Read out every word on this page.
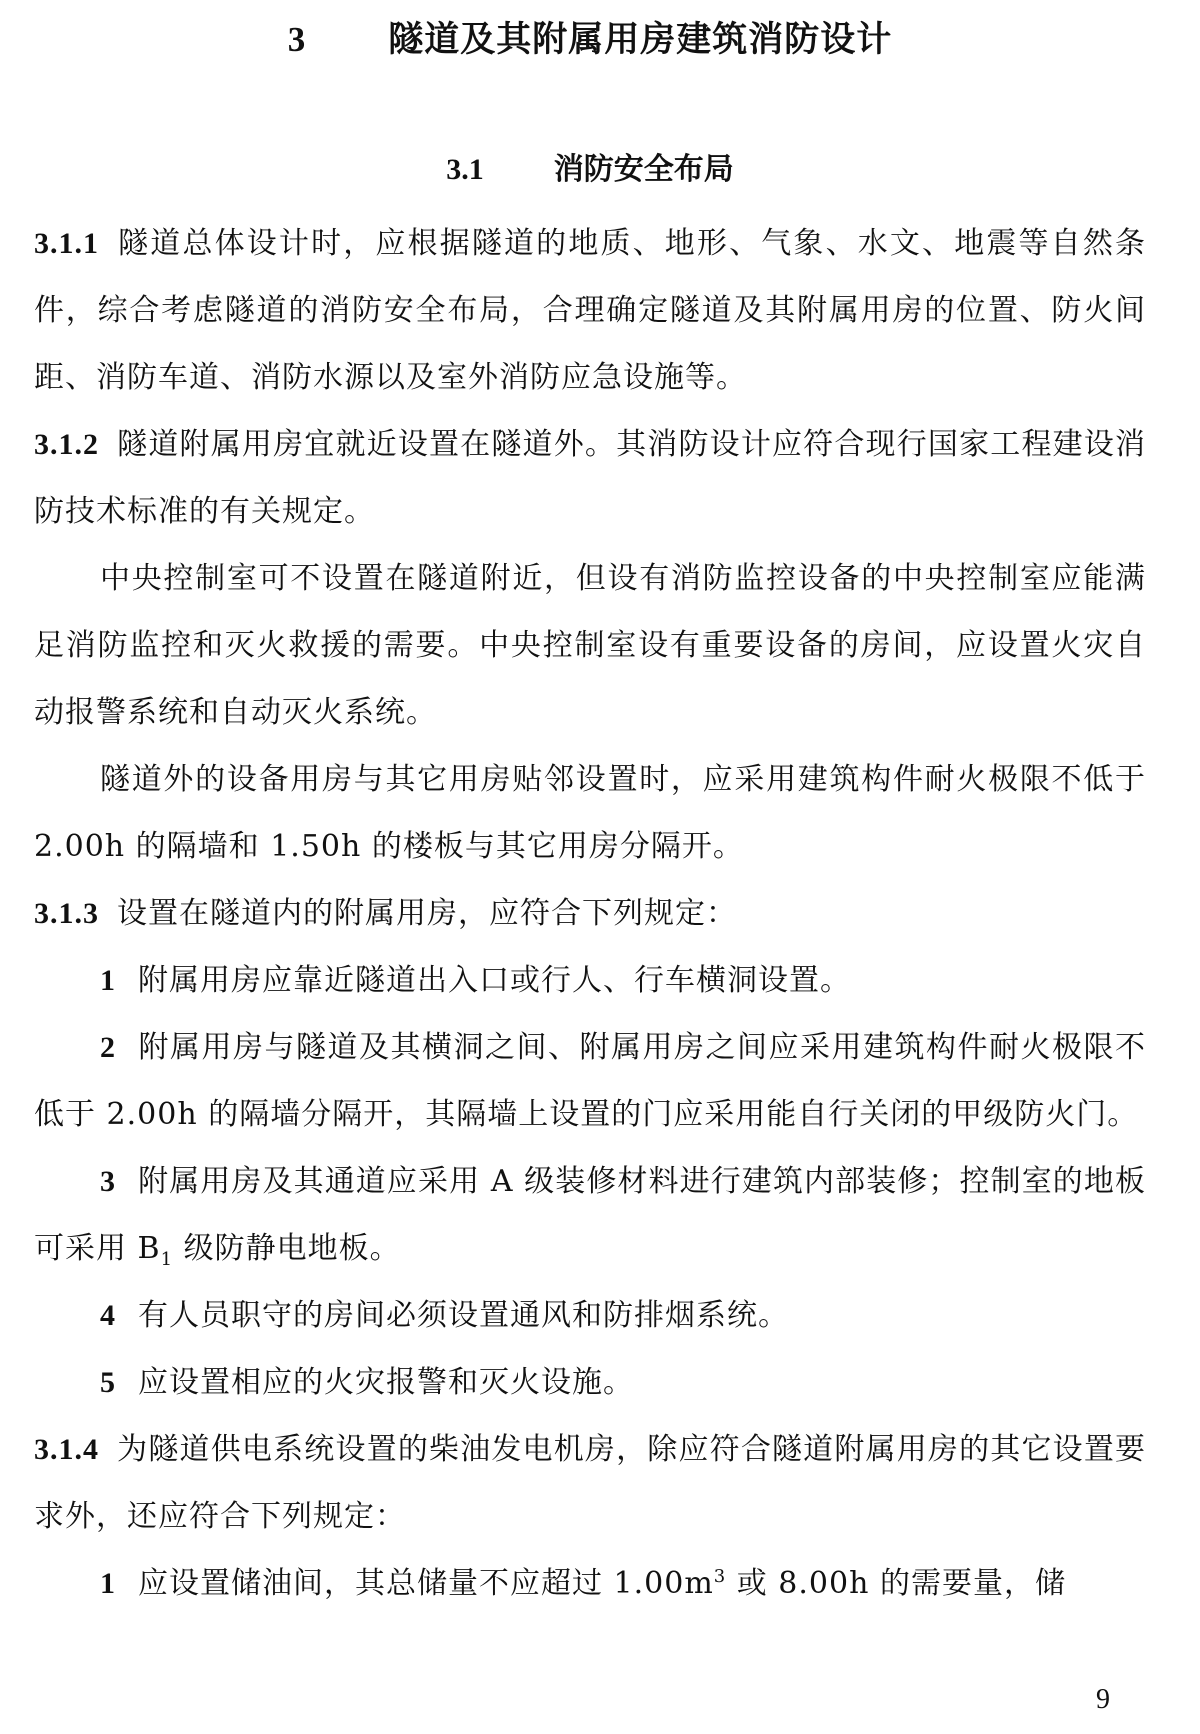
3 隧道及其附属用房建筑消防设计
3.1 消防安全布局

3.1.1 隧道总体设计时，应根据隧道的地质、地形、气象、水文、地震等自然条件，综合考虑隧道的消防安全布局，合理确定隧道及其附属用房的位置、防火间距、消防车道、消防水源以及室外消防应急设施等。

3.1.2 隧道附属用房宜就近设置在隧道外。其消防设计应符合现行国家工程建设消防技术标准的有关规定。

中央控制室可不设置在隧道附近，但设有消防监控设备的中央控制室应能满足消防监控和灭火救援的需要。中央控制室设有重要设备的房间，应设置火灾自动报警系统和自动灭火系统。

隧道外的设备用房与其它用房贴邻设置时，应采用建筑构件耐火极限不低于 2.00h 的隔墙和 1.50h 的楼板与其它用房分隔开。

3.1.3 设置在隧道内的附属用房，应符合下列规定：

1 附属用房应靠近隧道出入口或行人、行车横洞设置。

2 附属用房与隧道及其横洞之间、附属用房之间应采用建筑构件耐火极限不低于 2.00h 的隔墙分隔开，其隔墙上设置的门应采用能自行关闭的甲级防火门。

3 附属用房及其通道应采用 A 级装修材料进行建筑内部装修；控制室的地板可采用 $B_1$ 级防静电地板。

4 有人员职守的房间必须设置通风和防排烟系统。

5 应设置相应的火灾报警和灭火设施。

3.1.4 为隧道供电系统设置的柴油发电机房，除应符合隧道附属用房的其它设置要求外，还应符合下列规定：

1 应设置储油间，其总储量不应超过 $1.00m^3$ 或 8.00h 的需要量，储

9
